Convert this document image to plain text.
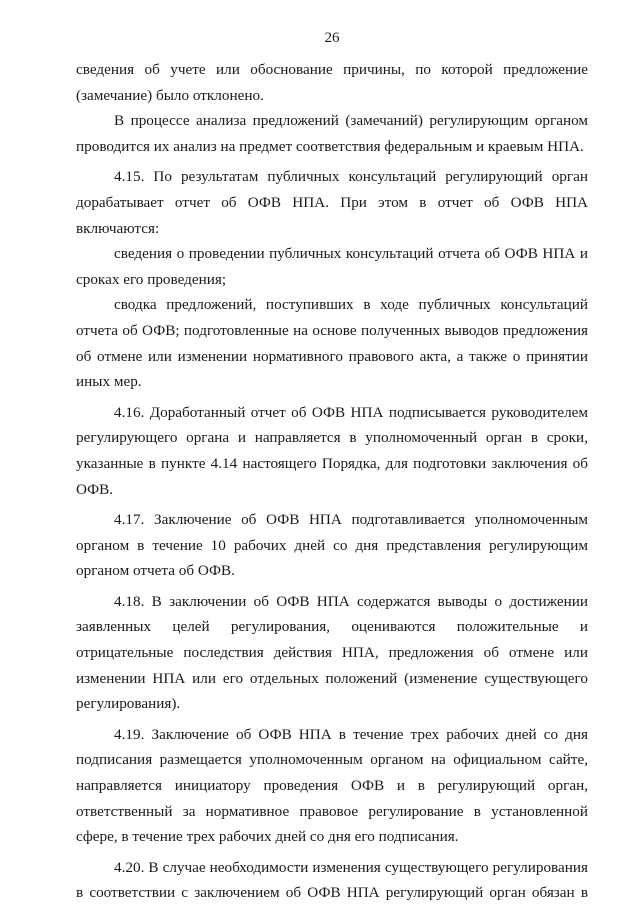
26

сведения об учете или обоснование причины, по которой предложение (замечание) было отклонено.

В процессе анализа предложений (замечаний) регулирующим органом проводится их анализ на предмет соответствия федеральным и краевым НПА.

4.15. По результатам публичных консультаций регулирующий орган дорабатывает отчет об ОФВ НПА. При этом в отчет об ОФВ НПА включаются:

сведения о проведении публичных консультаций отчета об ОФВ НПА и сроках его проведения;

сводка предложений, поступивших в ходе публичных консультаций отчета об ОФВ; подготовленные на основе полученных выводов предложения об отмене или изменении нормативного правового акта, а также о принятии иных мер.

4.16. Доработанный отчет об ОФВ НПА подписывается руководителем регулирующего органа и направляется в уполномоченный орган в сроки, указанные в пункте 4.14 настоящего Порядка, для подготовки заключения об ОФВ.

4.17. Заключение об ОФВ НПА подготавливается уполномоченным органом в течение 10 рабочих дней со дня представления регулирующим органом отчета об ОФВ.

4.18. В заключении об ОФВ НПА содержатся выводы о достижении заявленных целей регулирования, оцениваются положительные и отрицательные последствия действия НПА, предложения об отмене или изменении НПА или его отдельных положений (изменение существующего регулирования).

4.19. Заключение об ОФВ НПА в течение трех рабочих дней со дня подписания размещается уполномоченным органом на официальном сайте, направляется инициатору проведения ОФВ и в регулирующий орган, ответственный за нормативное правовое регулирование в установленной сфере, в течение трех рабочих дней со дня его подписания.

4.20. В случае необходимости изменения существующего регулирования в соответствии с заключением об ОФВ НПА регулирующий орган обязан в
